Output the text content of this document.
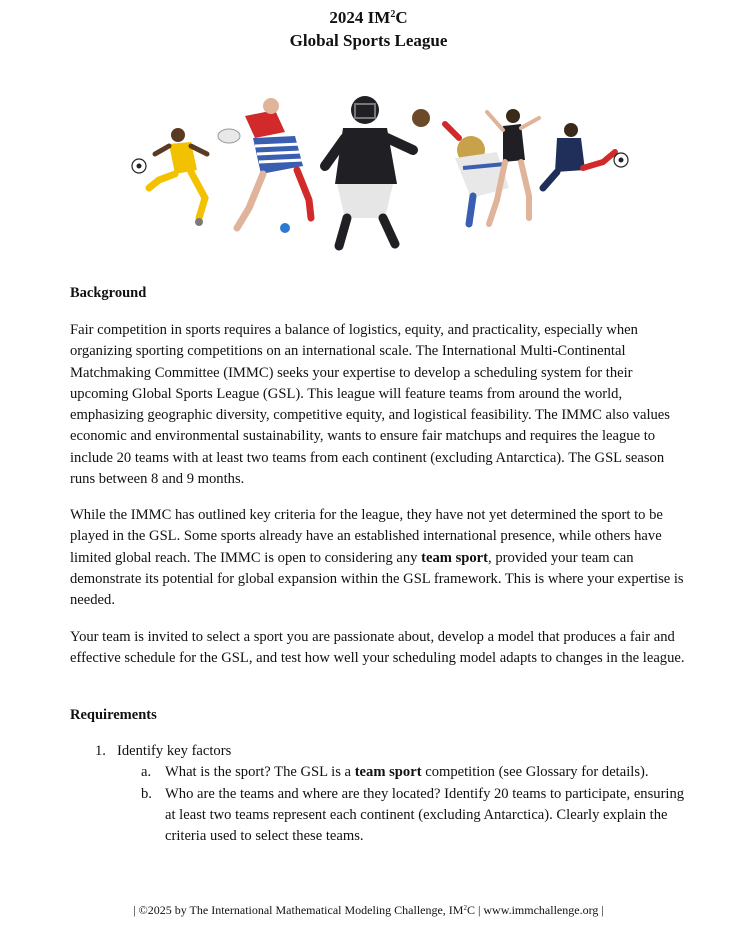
2024 $IM^2C$
Global Sports League
Background

Fair competition in sports requires a balance of logistics, equity, and practicality, especially when organizing sporting competitions on an international scale. The International Multi-Continental Matchmaking Committee (IMMC) seeks your expertise to develop a scheduling system for their upcoming Global Sports League (GSL). This league will feature teams from around the world, emphasizing geographic diversity, competitive equity, and logistical feasibility. The IMMC also values economic and environmental sustainability, wants to ensure fair matchups and requires the league to include 20 teams with at least two teams from each continent (excluding Antarctica). The GSL season runs between 8 and 9 months.

While the IMMC has outlined key criteria for the league, they have not yet determined the sport to be played in the GSL. Some sports already have an established international presence, while others have limited global reach. The IMMC is open to considering any team sport, provided your team can demonstrate its potential for global expansion within the GSL framework. This is where your expertise is needed.

Your team is invited to select a sport you are passionate about, develop a model that produces a fair and effective schedule for the GSL, and test how well your scheduling model adapts to changes in the league.

Requirements
1. Identify key factors
a. What is the sport? The GSL is a team sport competition (see Glossary for details).
b. Who are the teams and where are they located? Identify 20 teams to participate, ensuring at least two teams represent each continent (excluding Antarctica). Clearly explain the criteria used to select these teams.
| ©2025 by The International Mathematical Modeling Challenge, $IM^2C$ | www.immchallenge.org |
